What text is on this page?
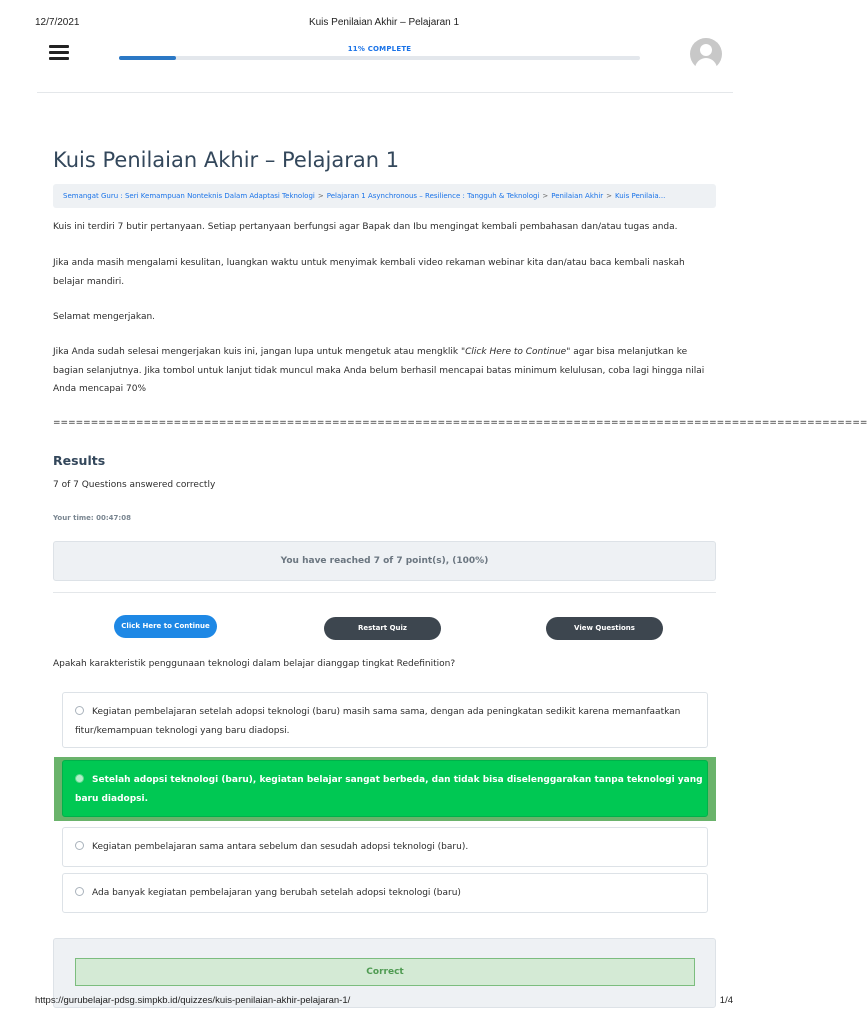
12/7/2021	Kuis Penilaian Akhir – Pelajaran 1
11% COMPLETE
Kuis Penilaian Akhir – Pelajaran 1
Semangat Guru : Seri Kemampuan Nonteknis Dalam Adaptasi Teknologi > Pelajaran 1 Asynchronous – Resilience : Tangguh & Teknologi > Penilaian Akhir > Kuis Penilaia...

Kuis ini terdiri 7 butir pertanyaan. Setiap pertanyaan berfungsi agar Bapak dan Ibu mengingat kembali pembahasan dan/atau tugas anda.

Jika anda masih mengalami kesulitan, luangkan waktu untuk menyimak kembali video rekaman webinar kita dan/atau baca kembali naskah belajar mandiri.

Selamat mengerjakan.

Jika Anda sudah selesai mengerjakan kuis ini, jangan lupa untuk mengetuk atau mengklik "Click Here to Continue" agar bisa melanjutkan ke bagian selanjutnya. Jika tombol untuk lanjut tidak muncul maka Anda belum berhasil mencapai batas minimum kelulusan, coba lagi hingga nilai Anda mencapai 70%

============================================================================================================
Results
7 of 7 Questions answered correctly
Your time: 00:47:08
You have reached 7 of 7 point(s), (100%)
Click Here to Continue	Restart Quiz	View Questions
Apakah karakteristik penggunaan teknologi dalam belajar dianggap tingkat Redefinition?
Kegiatan pembelajaran setelah adopsi teknologi (baru) masih sama sama, dengan ada peningkatan sedikit karena memanfaatkan fitur/kemampuan teknologi yang baru diadopsi.
Setelah adopsi teknologi (baru), kegiatan belajar sangat berbeda, dan tidak bisa diselenggarakan tanpa teknologi yang baru diadopsi.
Kegiatan pembelajaran sama antara sebelum dan sesudah adopsi teknologi (baru).
Ada banyak kegiatan pembelajaran yang berubah setelah adopsi teknologi (baru)
Correct
https://gurubelajar-pdsg.simpkb.id/quizzes/kuis-penilaian-akhir-pelajaran-1/	1/4
